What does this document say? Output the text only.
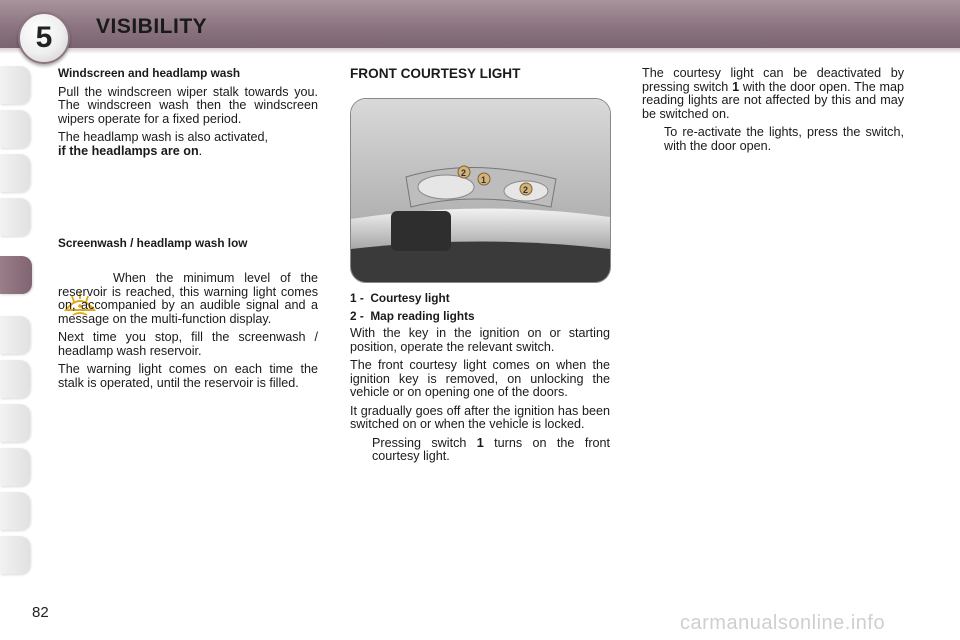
5	VISIBILITY

Windscreen and headlamp wash

Pull the windscreen wiper stalk towards you. The windscreen wash then the windscreen wipers operate for a fixed period.

The headlamp wash is also activated,
if the headlamps are on.

Screenwash / headlamp wash low

When the minimum level of the reservoir is reached, this warning light comes on, accompanied by an audible signal and a message on the multi-function display.

Next time you stop, fill the screenwash / headlamp wash reservoir.

The warning light comes on each time the stalk is operated, until the reservoir is filled.

FRONT COURTESY LIGHT

2
1
2

1 - Courtesy light

2 - Map reading lights

With the key in the ignition on or starting position, operate the relevant switch.

The front courtesy light comes on when the ignition key is removed, on unlocking the vehicle or on opening one of the doors.

It gradually goes off after the ignition has been switched on or when the vehicle is locked.

Pressing switch 1 turns on the front courtesy light.

The courtesy light can be deactivated by pressing switch 1 with the door open. The map reading lights are not affected by this and may be switched on.

To re-activate the lights, press the switch, with the door open.
82	carmanualsonline.info
